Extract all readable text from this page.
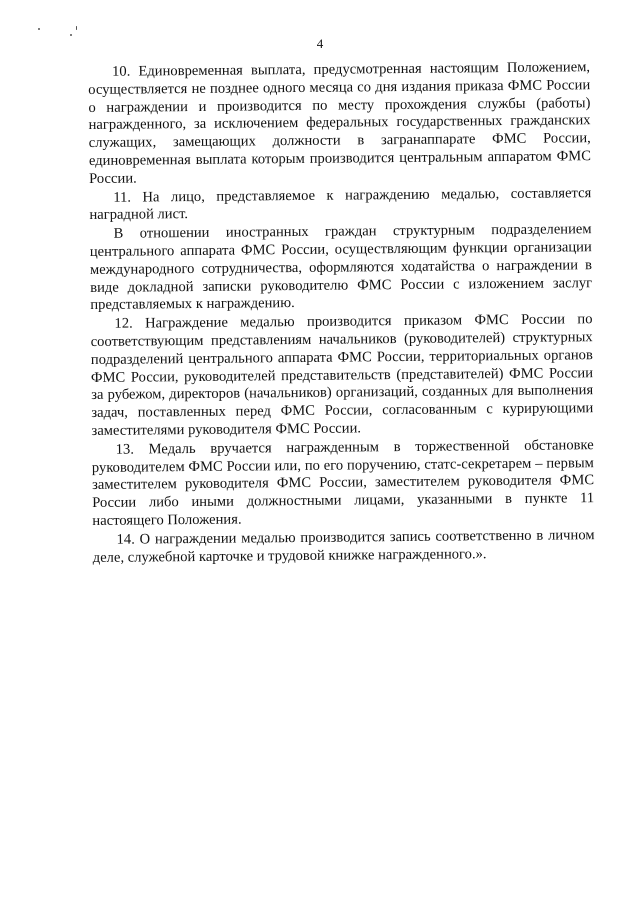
4

10. Единовременная выплата, предусмотренная настоящим Положением, осуществляется не позднее одного месяца со дня издания приказа ФМС России о награждении и производится по месту прохождения службы (работы) награжденного, за исключением федеральных государственных гражданских служащих, замещающих должности в загранаппарате ФМС России, единовременная выплата которым производится центральным аппаратом ФМС России.

11. На лицо, представляемое к награждению медалью, составляется наградной лист.

В отношении иностранных граждан структурным подразделением центрального аппарата ФМС России, осуществляющим функции организации международного сотрудничества, оформляются ходатайства о награждении в виде докладной записки руководителю ФМС России с изложением заслуг представляемых к награждению.

12. Награждение медалью производится приказом ФМС России по соответствующим представлениям начальников (руководителей) структурных подразделений центрального аппарата ФМС России, территориальных органов ФМС России, руководителей представительств (представителей) ФМС России за рубежом, директоров (начальников) организаций, созданных для выполнения задач, поставленных перед ФМС России, согласованным с курирующими заместителями руководителя ФМС России.

13. Медаль вручается награжденным в торжественной обстановке руководителем ФМС России или, по его поручению, статс-секретарем – первым заместителем руководителя ФМС России, заместителем руководителя ФМС России либо иными должностными лицами, указанными в пункте 11 настоящего Положения.

14. О награждении медалью производится запись соответственно в личном деле, служебной карточке и трудовой книжке награжденного.».
